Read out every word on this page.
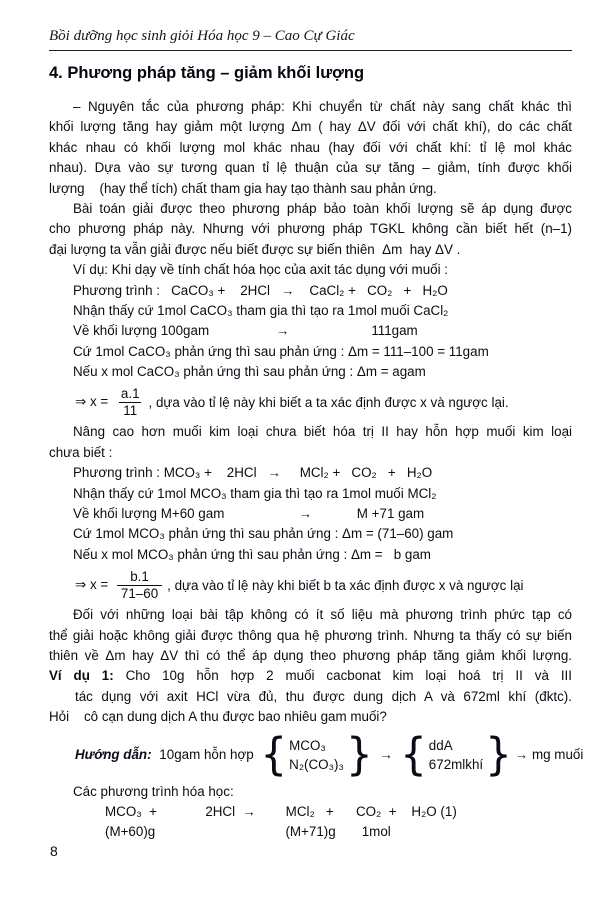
Bồi dưỡng học sinh giỏi Hóa học 9 – Cao Cự Giác
4. Phương pháp tăng – giảm khối lượng
– Nguyên tắc của phương pháp: Khi chuyển từ chất này sang chất khác thì
khối lượng tăng hay giảm một lượng Δm ( hay ΔV đối với chất khí), do các chất
khác nhau có khối lượng mol khác nhau (hay đối với chất khí: tỉ lệ mol khác
nhau). Dựa vào sự tương quan tỉ lệ thuận của sự tăng – giảm, tính được khối
lượng    (hay thể tích) chất tham gia hay tạo thành sau phản ứng.
Bài toán giải được theo phương pháp bảo toàn khối lượng sẽ áp dụng được
cho phương pháp này. Nhưng với phương pháp TGKL không cần biết hết (n–1)
đại lượng ta vẫn giải được nếu biết được sự biến thiên  Δm  hay ΔV .
Ví dụ: Khi dạy về tính chất hóa học của axit tác dụng với muối :
Phương trình :   CaCO₃ +    2HCl   →    CaCl₂ +   CO₂   +   H₂O
Nhận thấy cứ 1mol CaCO₃ tham gia thì tạo ra 1mol muối CaCl₂
Về khối lượng 100gam                  →                      111gam
Cứ 1mol CaCO₃ phản ứng thì sau phản ứng : Δm = 111–100 = 11gam
Nếu x mol CaCO₃ phản ứng thì sau phản ứng : Δm = agam
⇒ $x = \frac{a.1}{11}$ , dựa vào tỉ lệ này khi biết a ta xác định được x và ngược lại.
Nâng cao hơn muối kim loại chưa biết hóa trị II hay hỗn hợp muối kim loại
chưa biết :
Phương trình : MCO₃ +    2HCl   →     MCl₂ +   CO₂   +   H₂O
Nhận thấy cứ 1mol MCO₃ tham gia thì tạo ra 1mol muối MCl₂
Về khối lượng M+60 gam                    →            M +71 gam
Cứ 1mol MCO₃ phản ứng thì sau phản ứng : Δm = (71–60) gam
Nếu x mol MCO₃ phản ứng thì sau phản ứng : Δm =   b gam
⇒ $x = \frac{b.1}{71-60}$ , dựa vào tỉ lệ này khi biết b ta xác định được x và ngược lại
Đối với những loại bài tập không có ít số liệu mà phương trình phức tạp có
thể giải hoặc không giải được thông qua hệ phương trình. Nhưng ta thấy có sự biến
thiên về Δm hay ΔV thì có thể áp dụng theo phương pháp tăng giảm khối lượng.
Ví dụ 1: Cho 10g hỗn hợp 2 muối cacbonat kim loại hoá trị II và III
tác dụng với axit HCl vừa đủ, thu được dung dịch A và 672ml khí (đktc).
Hỏi    cô cạn dung dịch A thu được bao nhiêu gam muối?
Hướng dẫn: 10gam hỗn hợp { MCO₃
N₂(CO₃)₃ } → { ddA
672mlkhí } → mg muối
Các phương trình hóa học:
MCO₃  +             2HCl  →        MCl₂   +      CO₂  +    H₂O (1)
(M+60)g                                   (M+71)g       1mol
8
